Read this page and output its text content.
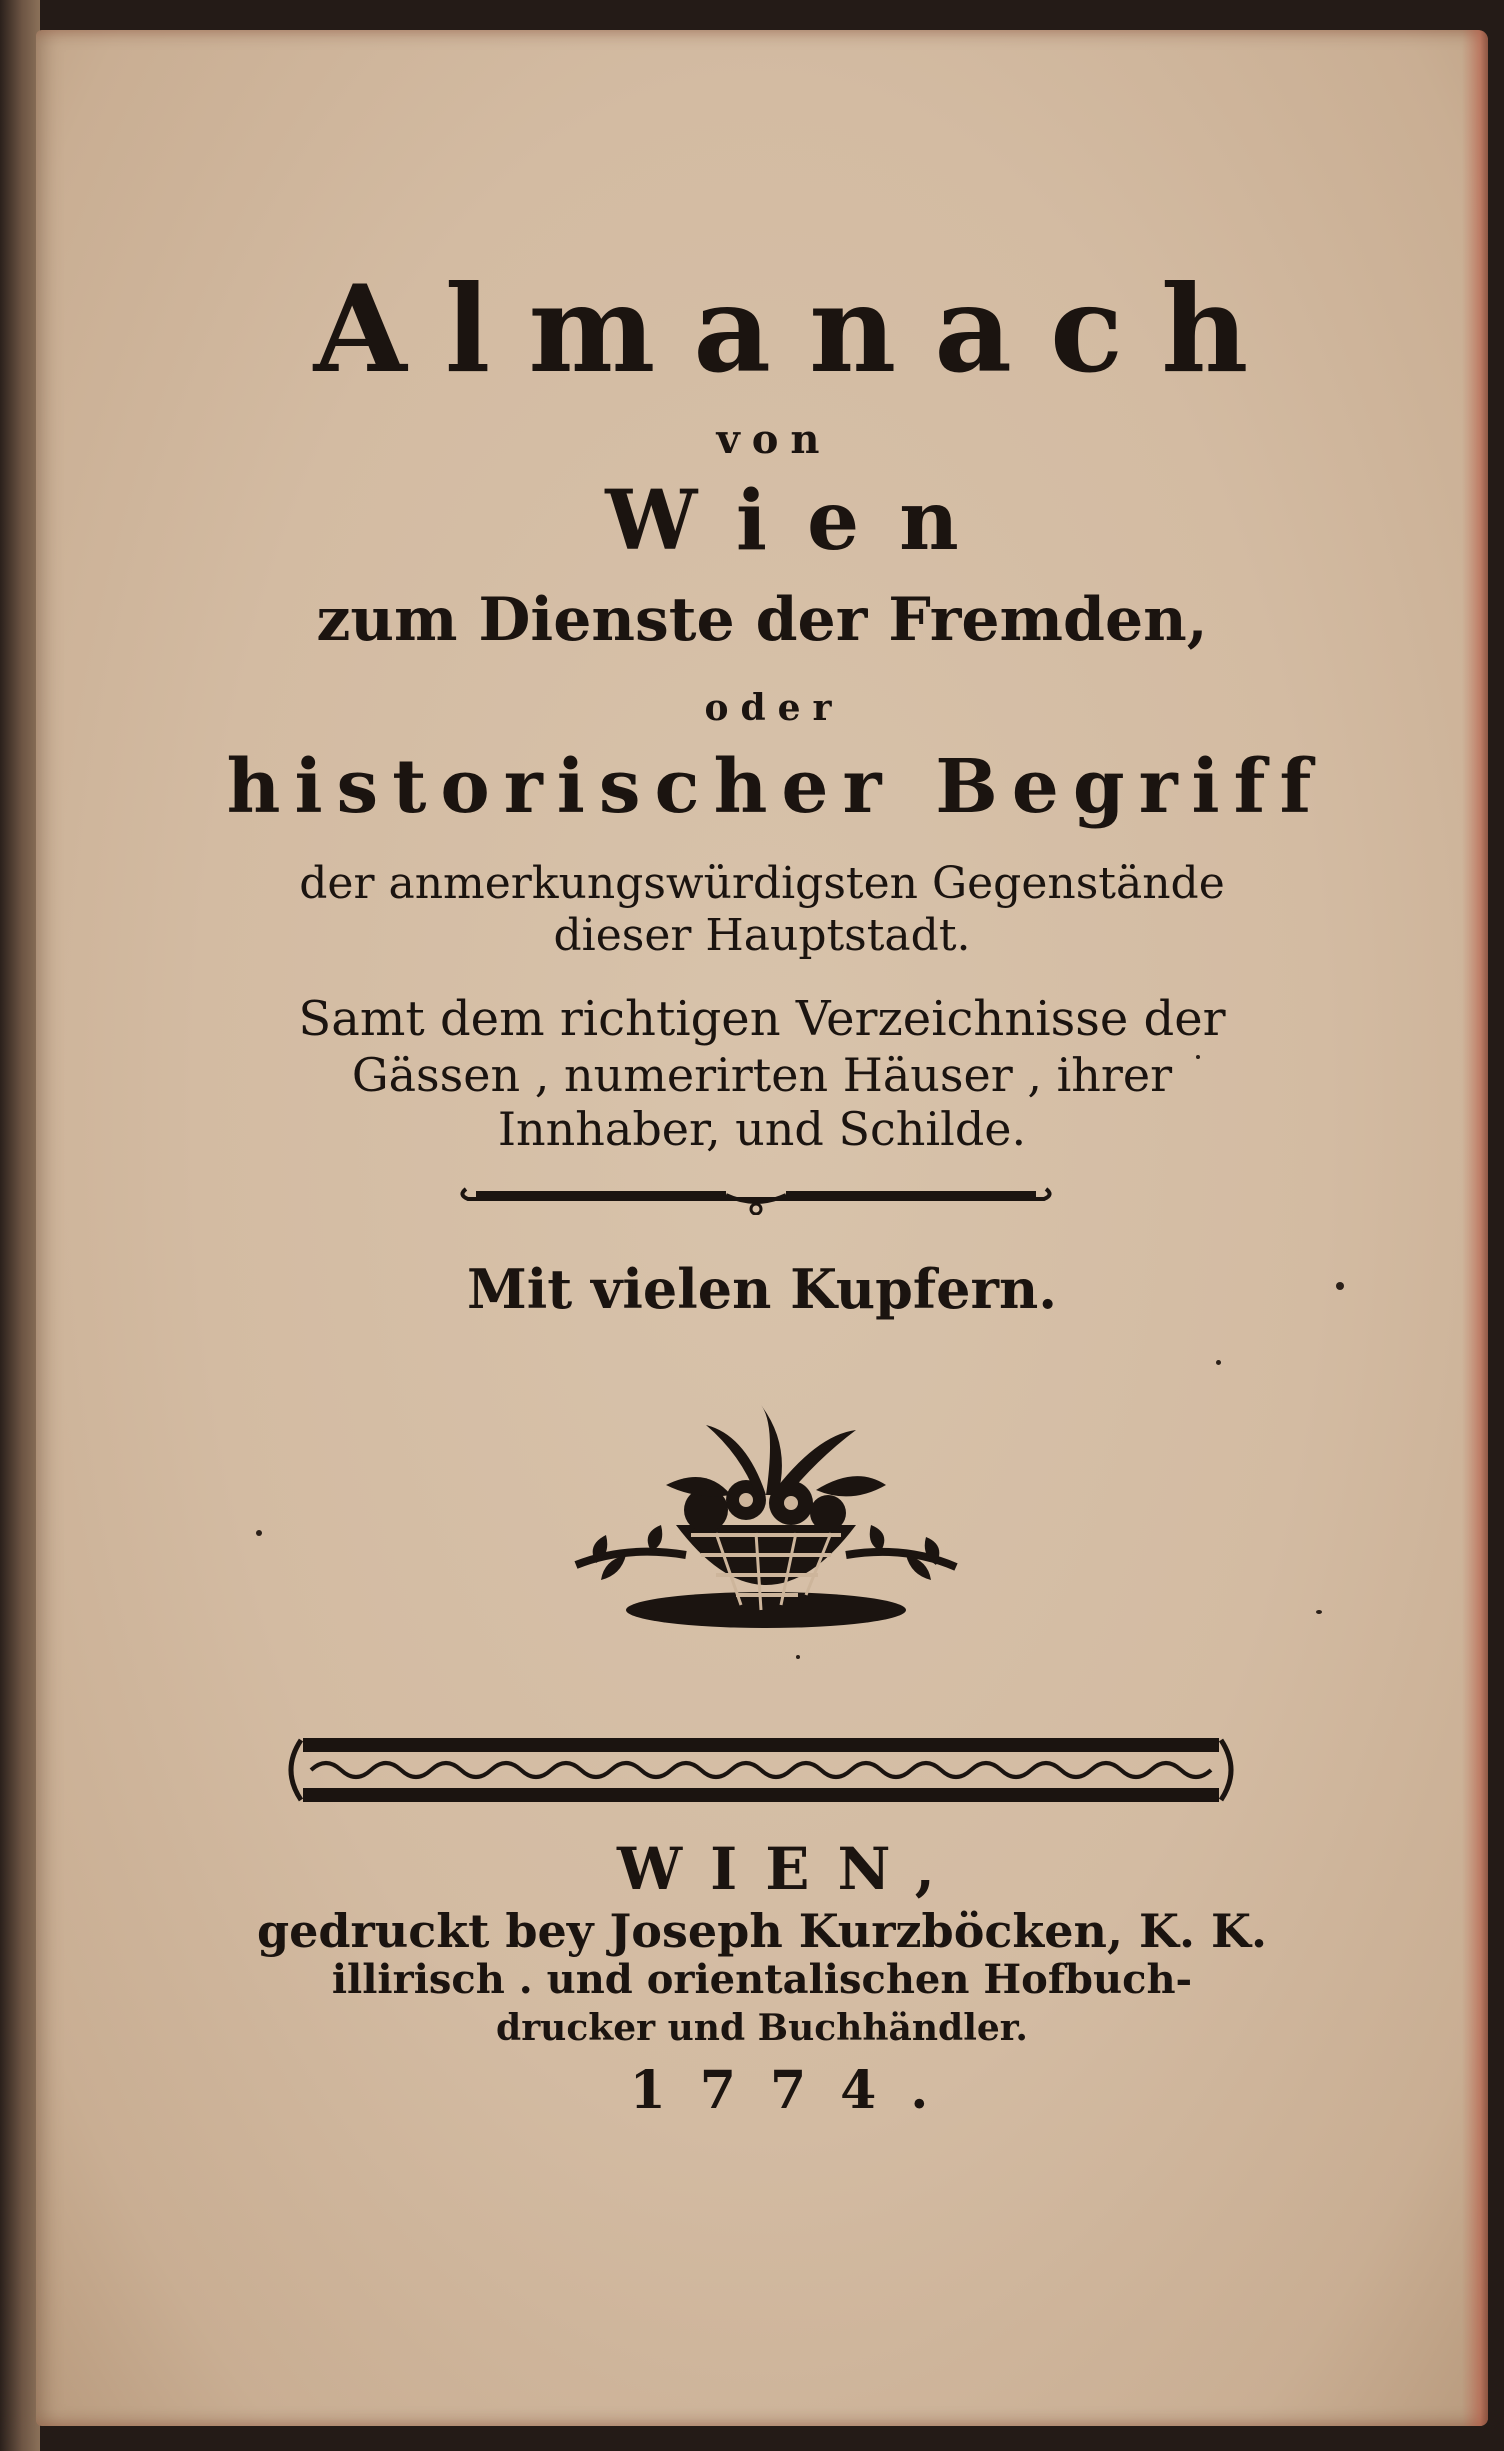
Almanach
von
Wien
zum Dienste der Fremden,
oder
historischer Begriff
der anmerkungswürdigsten Gegenstände
dieser Hauptstadt.
Samt dem richtigen Verzeichnisse der
Gässen , numerirten Häuser , ihrer
Innhaber, und Schilde.
Mit vielen Kupfern.
WIEN,
gedruckt bey Joseph Kurzböcken, K. K.
illirisch . und orientalischen Hofbuch-
drucker und Buchhändler.
1774.
